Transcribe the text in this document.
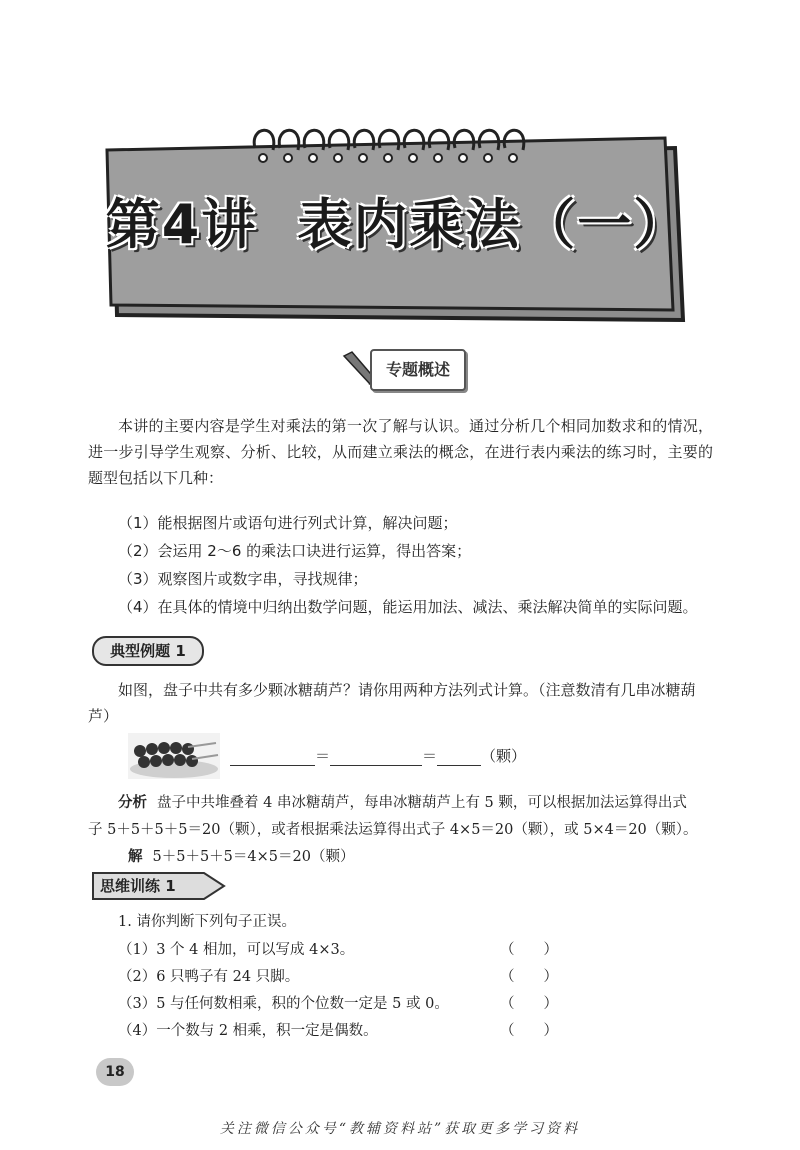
第4讲 表内乘法（一）
专题概述
本讲的主要内容是学生对乘法的第一次了解与认识。通过分析几个相同加数求和的情况，进一步引导学生观察、分析、比较，从而建立乘法的概念，在进行表内乘法的练习时，主要的题型包括以下几种：
（1）能根据图片或语句进行列式计算，解决问题；
（2）会运用 2～6 的乘法口诀进行运算，得出答案；
（3）观察图片或数字串，寻找规律；
（4）在具体的情境中归纳出数学问题，能运用加法、减法、乘法解决简单的实际问题。
典型例题 1
如图，盘子中共有多少颗冰糖葫芦？请你用两种方法列式计算。（注意数清有几串冰糖葫芦）
＝	＝	（颗）
分析 盘子中共堆叠着 4 串冰糖葫芦，每串冰糖葫芦上有 5 颗，可以根据加法运算得出式
子 5＋5＋5＋5＝20（颗），或者根据乘法运算得出式子 4×5＝20（颗），或 5×4＝20（颗）。
解 5＋5＋5＋5＝4×5＝20（颗）
思维训练 1
1. 请你判断下列句子正误。
（1）3 个 4 相加，可以写成 4×3。
（2）6 只鸭子有 24 只脚。
（3）5 与任何数相乘，积的个位数一定是 5 或 0。
（4）一个数与 2 相乘，积一定是偶数。
（　　）
（　　）
（　　）
（　　）
18
关注微信公众号“教辅资料站”获取更多学习资料
